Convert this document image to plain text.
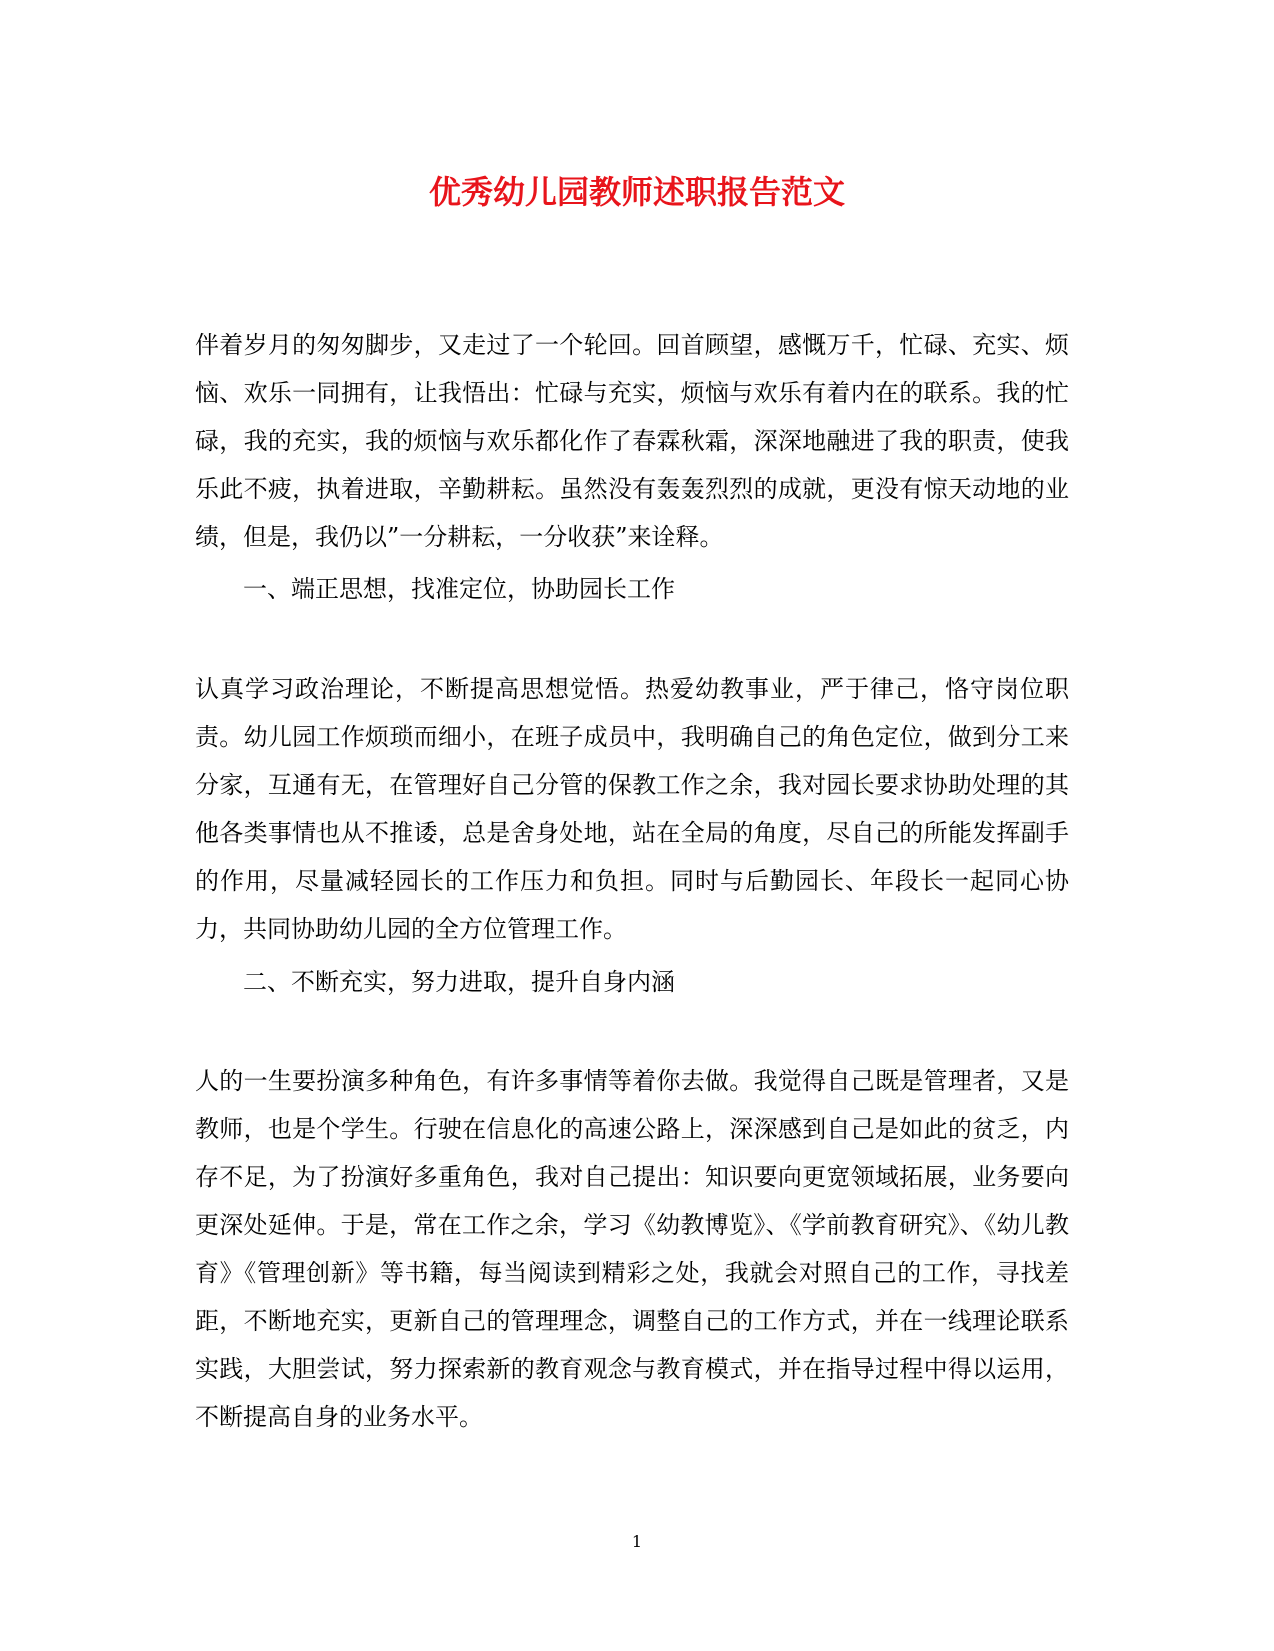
优秀幼儿园教师述职报告范文

伴着岁月的匆匆脚步，又走过了一个轮回。回首顾望，感慨万千，忙碌、充实、烦恼、欢乐一同拥有，让我悟出：忙碌与充实，烦恼与欢乐有着内在的联系。我的忙碌，我的充实，我的烦恼与欢乐都化作了春霖秋霜，深深地融进了我的职责，使我乐此不疲，执着进取，辛勤耕耘。虽然没有轰轰烈烈的成就，更没有惊天动地的业绩，但是，我仍以”一分耕耘，一分收获”来诠释。

一、端正思想，找准定位，协助园长工作

认真学习政治理论，不断提高思想觉悟。热爱幼教事业，严于律己，恪守岗位职责。幼儿园工作烦琐而细小，在班子成员中，我明确自己的角色定位，做到分工来分家，互通有无，在管理好自己分管的保教工作之余，我对园长要求协助处理的其他各类事情也从不推诿，总是舍身处地，站在全局的角度，尽自己的所能发挥副手的作用，尽量减轻园长的工作压力和负担。同时与后勤园长、年段长一起同心协力，共同协助幼儿园的全方位管理工作。

二、不断充实，努力进取，提升自身内涵

人的一生要扮演多种角色，有许多事情等着你去做。我觉得自己既是管理者，又是教师，也是个学生。行驶在信息化的高速公路上，深深感到自己是如此的贫乏，内存不足，为了扮演好多重角色，我对自己提出：知识要向更宽领域拓展，业务要向更深处延伸。于是，常在工作之余，学习《幼教博览》、《学前教育研究》、《幼儿教育》《管理创新》等书籍，每当阅读到精彩之处，我就会对照自己的工作，寻找差距，不断地充实，更新自己的管理理念，调整自己的工作方式，并在一线理论联系实践，大胆尝试，努力探索新的教育观念与教育模式，并在指导过程中得以运用，不断提高自身的业务水平。

1
